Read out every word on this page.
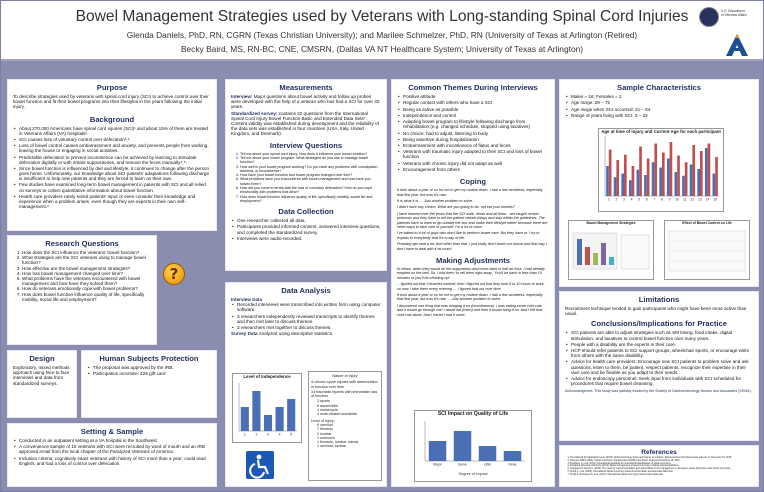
Bowel Management Strategies used by Veterans with Long-standing Spinal Cord Injuries
Glenda Daniels, PhD, RN, CGRN (Texas Christian University); and Marilee Schmelzer, PhD, RN (University of Texas at Arlington (Retired)
Becky Baird, MS, RN-BC, CNE, CMSRN, (Dallas VA NT Healthcare System; University of Texas at Arlington)
U.S. Department of Veterans Affairs
Purpose
To describe strategies used by veterans with spinal cord injury (SCI) to achieve control over their bowel function and fit their bowel programs into their lifestyles in the years following the initial injury.
Background
• About 270,000 Americans have spinal cord injuries (SCI)¹ and about 15% of them are treated in Veterans Affairs (VA) hospitals².
• SCI causes loss of voluntary control over defecation³,⁴.
• Loss of bowel control causes embarrassment and anxiety, and prevents people from working, leaving the house or engaging in social activities.
• Predictable defecation to prevent incontinence can be achieved by learning to stimulate defecation digitally or with irritant suppositories, and remove the feces manually⁴,⁵.
• Since bowel function is influenced by diet and lifestyle, it continues to change after the person goes home. Unfortunately, our knowledge about SCI patients' adaptations following discharge is insufficient to help new patients and they are forced to learn on their own.
• Few studies have examined long-term bowel management in patients with SCI and all relied on surveys to collect quantitative information about bowel function.
• Health care providers rarely solicit patients' input or even consider their knowledge and experience when a problem arises, even though they are experts in their own self-management.⁶
Research Questions
1. How does the SCI influence the veterans' bowel function?
2. What strategies are the SCI veterans using to manage bowel function?
3. How effective are the bowel management strategies?
4. How has bowel management changed over time?
5. What problems have the veterans encountered with bowel management and how have they solved them?
6. How do veterans emotionally cope with bowel problems?
7. How does bowel function influence quality of life, specifically mobility, social life and employment?
?
Design
Exploratory, mixed methods approach using face to face interviews and data from standardized surveys.
Human Subjects Protection
• The proposal was approved by the IRB.
• Participation incentive: £25 gift card
Setting & Sample
• Conducted in an outpatient setting at a VA hospital in the Southwest
• A convenience sample of 15 veterans with SCI were recruited by word of mouth and an IRB approved email from the local chapter of the Paralyzed Veterans of America.
• Inclusion criteria: cognitively intact veterans with history of SCI more than a year; could read English, and had a loss of control over defecation.
Measurements
Interview: Major questions about bowel activity and follow up probes were developed with the help of a veteran who has had a SCI for over 40 years.
Standardized survey: contains 32 questions from the International Spinal Cord Injury Bowel Function Basic and Extended Data Sets⁷. Content validity was established during development and the reliability of the data sets was established in four countries (USA, Italy, United Kingdom, and Denmark).
Interview Questions
1. Tell me about your spinal cord injury. How does it influence your bowel function?
2. Tell me about your bowel program. What strategies do you use to manage bowel function?
3. How well is your bowel program working? Do you have any problems with constipation, diarrhea, or incontinence?
4. How have your bowel function and bowel program changed over time?
5. What problems have you encountered with bowel management and how have you solved them?
6. How did you come to terms with the loss of voluntary defecation? How do you cope emotionally with problems that arise?
7. How does bowel function influence quality of life, specifically mobility, social life and employment?
Data Collection
• One researcher collected all data.
• Participants provided informed consent, answered interview questions, and completed the standardized survey.
• Interviews were audio-recorded.
Data Analysis
Interview Data
• Recorded interviews were transcribed into written form using computer software.
• 3 researchers independently reviewed transcripts to identify themes and then met later to discuss themes.
• 3 researchers met together to discuss themes.
Survey Data Analyzed using descriptive statistics.
Level of Independence
1	2	3	4	5
Nature of Injury
4 chronic spine injuries with deterioration in function over time
14 traumatic injuries with immediate loss of function
3 sports
6 automobile
1 motorcycle
4 work-related accidents
Level of injury:
6 cervical
7 thoracic
2 lumbar
1 unknown
1 thoracic, lumbar, sacral
1 cervical, lumbar
Common Themes During Interviews
• Positive attitude
• Regular contact with others who have a SCI
• Being as active as possible
• Independence and control
• Adapting bowel program to lifestyle following discharge from rehabilitation (e.g. changed schedule, stopped using laxatives)
• No choice; had to adjust, listening to body
• Being assertive during hospitalization
• Embarrassment with incontinence of flatus and feces
• Veterans with traumatic injury adapted to their SCI and loss of bowel function
• Veterans with chronic injury did not adapt as well
• Encouragement from others
Coping

It took about a year or so for me to get my routine down. I had a few accidents, especially that first year, but now it's rare.

It is what it is … Just another problem to solve.

I didn't have any choice. What are you going to do, not eat your bowels?

I have learned over the years that the SCI walk, rehab and all them…are taught certain protocols and they have to tell the patient certain things and stay within the guidelines. The patients have to learn to go outside the box and make their lifestyle better because there are other ways to take care of yourself. I'm a lot of voice.

I've talked to a lot of guys who don't like to perform bowel care. But they have to. I try to explain to everybody that it's a way of life.

Probably get mad a lot. And other than that, I just really don't leave our house and that way I don't have to deal with it as much.

Making Adjustments

In rehab, when they would do the suppository and come back in half an hour, I had already emptied on the bed. So, I told them 'to tell them right away.' You'll be back in less than 10 minutes or you'll be cleaning up!

…figured out that 3 teaches worked, then I figured out that they took 8 to 10 hours to work, so now I take them every evening … I figured that out over time.

It took about a year or so for me to get my routine down. I had a few accidents, especially that first year, but now it's rare … Just another problem to solve.

I discovered one thing that was bringing it on (incontinence). I was eating some cold cuts, and it would go through me! I would eat [them] and then it would bring it on. And I left that cold cuts alone. And I haven't had it since.

SCI Impact on Quality of Life
Major	Some	Little	None
Degree of Impact
Sample Characteristics
• Males = 16; Females = 2
• Age range: 29 – 72
• Age range when SCI occurred: 21 – 64
• Range of years living with SCI: 3 – 33
Age at time of injury and Current Age for each participant
1 2 3 4 5 6 7 8 9 10 11 12 13 14 15
Bowel Management Strategies	Effect of Bowel Control on Life
Limitations
Recruitment technique tended to gain participants who might have been more active than usual.
Conclusions/Implications for Practice
• SCI patients are able to adjust strategies such as SM timing, food intake, digital stimulation, and laxatives to control bowel function over many years.
• People with a disability are the experts in their care.
• HCP should refer patients to SCI support groups, wheelchair sports, or encourage visits from others with the same disability.
• Advice for health care providers: Encourage new SCI patients to problem solve and ask questions, listen to them, be patient, respect patients, recognize their expertise in their own care and be flexible as you adapt to their needs.
• Advice for endoscopy personnel: Seek input from individuals with SCI scheduled for procedures that require bowel cleansing.
Acknowledgment: This study was partially funded by the Society of Gastroenterology Nurses and Associates (SGNA).
References
1. The National SCI Statistical Center (2015). Spinal Cord Injury Facts and Figures at a Glance. Retrieved from http://www.nscisc.uab.edu on November 15, 2015.
2. Veterans Affairs (2011). Spinal Cord Injury and Disorders (SCI/D) Fact Sheet. Retrieved November 15, 2015.
3. Kirshblum S, et al. (2011). International standards for neurological classification of spinal cord injury.
4. Paralyzed Veterans of America (2013). Bowel management in spinal cord injury. Clinical practice guidelines.
5. Coggrave M, Norton C. (2010). The need for manual evacuation and oral laxatives in the management of neurogenic bowel dysfunction after spinal cord injury.
6. Krogh K, et al. (2009). International Spinal Cord Injury Bowel Function Basic and Extended Data Sets.
7. Krogh K, Emmanuel A, et al. (2017). International spinal cord injury bowel function data sets.
